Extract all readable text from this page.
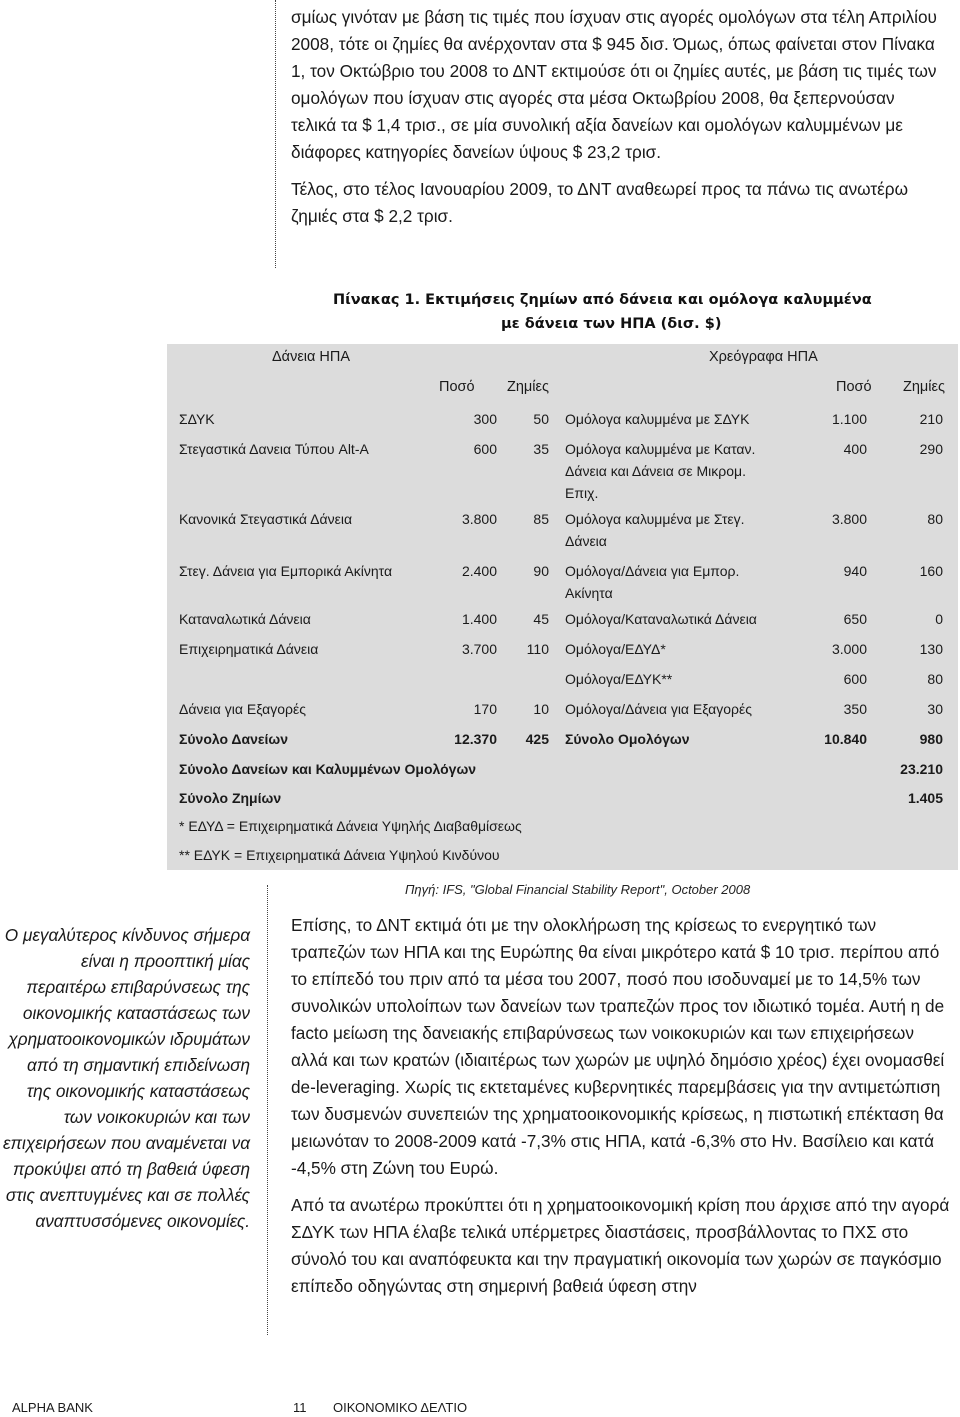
σμίως γινόταν με βάση τις τιμές που ίσχυαν στις αγορές ομολόγων στα τέλη Απριλίου 2008, τότε οι ζημίες θα ανέρχονταν στα $ 945 δισ. Όμως, όπως φαίνεται στον Πίνακα 1, τον Οκτώβριο του 2008 το ΔΝΤ εκτιμούσε ότι οι ζημίες αυτές, με βάση τις τιμές των ομολόγων που ίσχυαν στις αγορές στα μέσα Οκτωβρίου 2008, θα ξεπερνούσαν τελικά τα $ 1,4 τρισ., σε μία συνολική αξία δανείων και ομολόγων καλυμμένων με διάφορες κατηγορίες δανείων ύψους $ 23,2 τρισ.

Τέλος, στο τέλος Ιανουαρίου 2009, το ΔΝΤ αναθεωρεί προς τα πάνω τις ανωτέρω ζημιές στα $ 2,2 τρισ.

Πίνακας 1. Εκτιμήσεις ζημίων από δάνεια και ομόλογα καλυμμένα
με δάνεια των ΗΠΑ (δισ. $)
Δάνεια ΗΠΑ	Χρεόγραφα ΗΠΑ
Ποσό Ζημίες	Ποσό Ζημίες
ΣΔΥΚ	300	50 Ομόλογα καλυμμένα με ΣΔΥΚ	1.100	210
Στεγαστικά Δανεια Τύπου Alt-A	600	35 Ομόλογα καλυμμένα με Καταν. Δάνεια και Δάνεια σε Μικρομ. Επιχ.
400	290
Κανονικά Στεγαστικά Δάνεια	3.800	85 Ομόλογα καλυμμένα με Στεγ. Δάνεια
3.800	80
Στεγ. Δάνεια για Εμπορικά Ακίνητα	2.400	90 Ομόλογα/Δάνεια για Εμπορ. Ακίνητα
940	160
Καταναλωτικά Δάνεια	1.400	45 Ομόλογα/Καταναλωτικά Δάνεια	650	0
Επιχειρηματικά Δάνεια	3.700	110 Ομόλογα/ΕΔΥΔ*	3.000	130
Ομόλογα/ΕΔΥΚ**	600	80
Δάνεια για Εξαγορές	170	10 Ομόλογα/Δάνεια για Εξαγορές	350	30
Σύνολο Δανείων	12.370	425 Σύνολο Ομολόγων	10.840	980
Σύνολο Δανείων και Καλυμμένων Ομολόγων	23.210
Σύνολο Ζημίων	1.405
* ΕΔΥΔ = Επιχειρηματικά Δάνεια Υψηλής Διαβαθμίσεως
** ΕΔΥΚ = Επιχειρηματικά Δάνεια Υψηλού Κινδύνου
Πηγή: IFS, "Global Financial Stability Report", October 2008
Ο μεγαλύτερος κίνδυνος σήμερα είναι η προοπτική μίας περαιτέρω επιβαρύνσεως της οικονομικής καταστάσεως των χρηματοοικονομικών ιδρυμάτων από τη σημαντική επιδείνωση της οικονομικής καταστάσεως των νοικοκυριών και των επιχειρήσεων που αναμένεται να προκύψει από τη βαθειά ύφεση στις ανεπτυγμένες και σε πολλές αναπτυσσόμενες οικονομίες.

Επίσης, το ΔΝΤ εκτιμά ότι με την ολοκλήρωση της κρίσεως το ενεργητικό των τραπεζών των ΗΠΑ και της Ευρώπης θα είναι μικρότερο κατά $ 10 τρισ. περίπου από το επίπεδό του πριν από τα μέσα του 2007, ποσό που ισοδυναμεί με το 14,5% των συνολικών υπολοίπων των δανείων των τραπεζών προς τον ιδιωτικό τομέα. Αυτή η de facto μείωση της δανειακής επιβαρύνσεως των νοικοκυριών και των επιχειρήσεων αλλά και των κρατών (ιδιαιτέρως των χωρών με υψηλό δημόσιο χρέος) έχει ονομασθεί de-leveraging. Χωρίς τις εκτεταμένες κυβερνητικές παρεμβάσεις για την αντιμετώπιση των δυσμενών συνεπειών της χρηματοοικονομικής κρίσεως, η πιστωτική επέκταση θα μειωνόταν το 2008-2009 κατά -7,3% στις ΗΠΑ, κατά -6,3% στο Ην. Βασίλειο και κατά -4,5% στη Ζώνη του Ευρώ.

Από τα ανωτέρω προκύπτει ότι η χρηματοοικονομική κρίση που άρχισε από την αγορά ΣΔΥΚ των ΗΠΑ έλαβε τελικά υπέρμετρες διαστάσεις, προσβάλλοντας το ΠΧΣ στο σύνολό του και αναπόφευκτα και την πραγματική οικονομία των χωρών σε παγκόσμιο επίπεδο οδηγώντας στη σημερινή βαθειά ύφεση στην

ALPHA BANK	11 ΟΙΚΟΝΟΜΙΚΟ ΔΕΛΤΙΟ
